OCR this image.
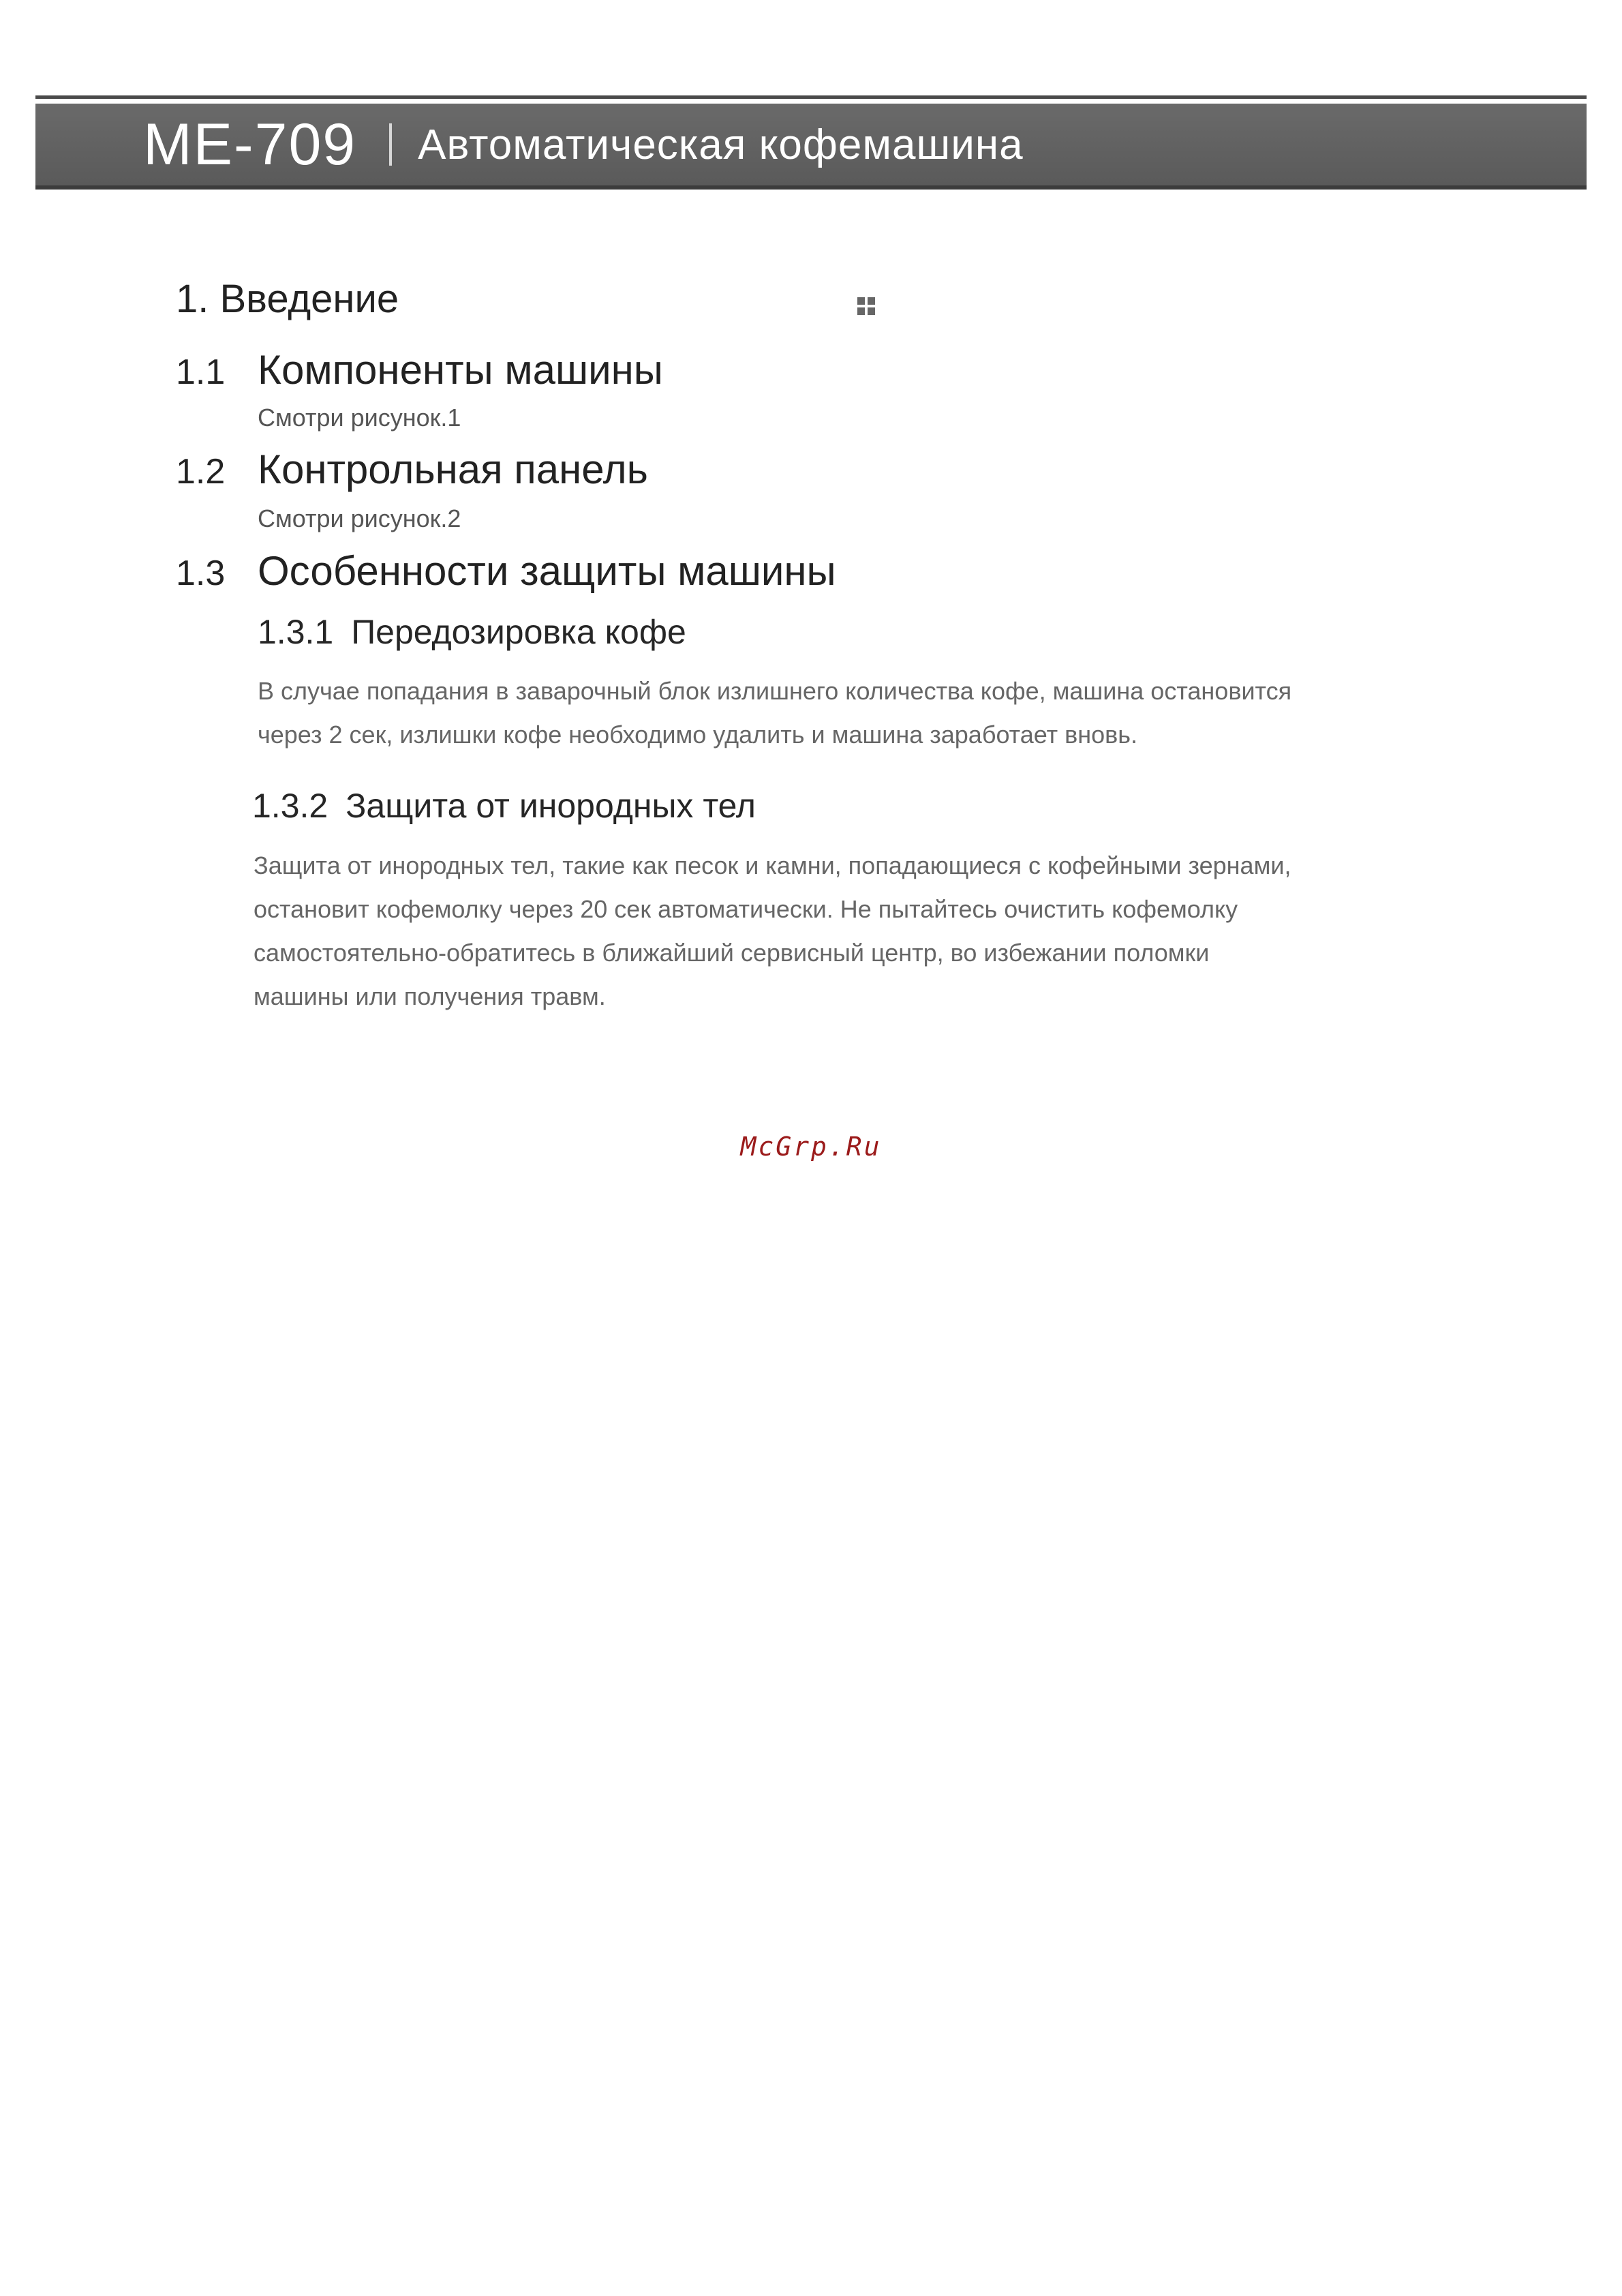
ME-709 Автоматическая кофемашина
1. Введение
1.1 Компоненты машины
Смотри рисунок.1
1.2 Контрольная панель
Смотри рисунок.2
1.3 Особенности защиты машины
1.3.1 Передозировка кофе
В случае попадания в заварочный блок излишнего количества кофе, машина остановится
через 2 сек, излишки кофе необходимо удалить и машина заработает вновь.
1.3.2 Защита от инородных тел
Защита от инородных тел, такие как песок и камни, попадающиеся с кофейными зернами,
остановит кофемолку через 20 сек автоматически. Не пытайтесь очистить кофемолку
самостоятельно-обратитесь в ближайший сервисный центр, во избежании поломки
машины или получения травм.
McGrp.Ru
